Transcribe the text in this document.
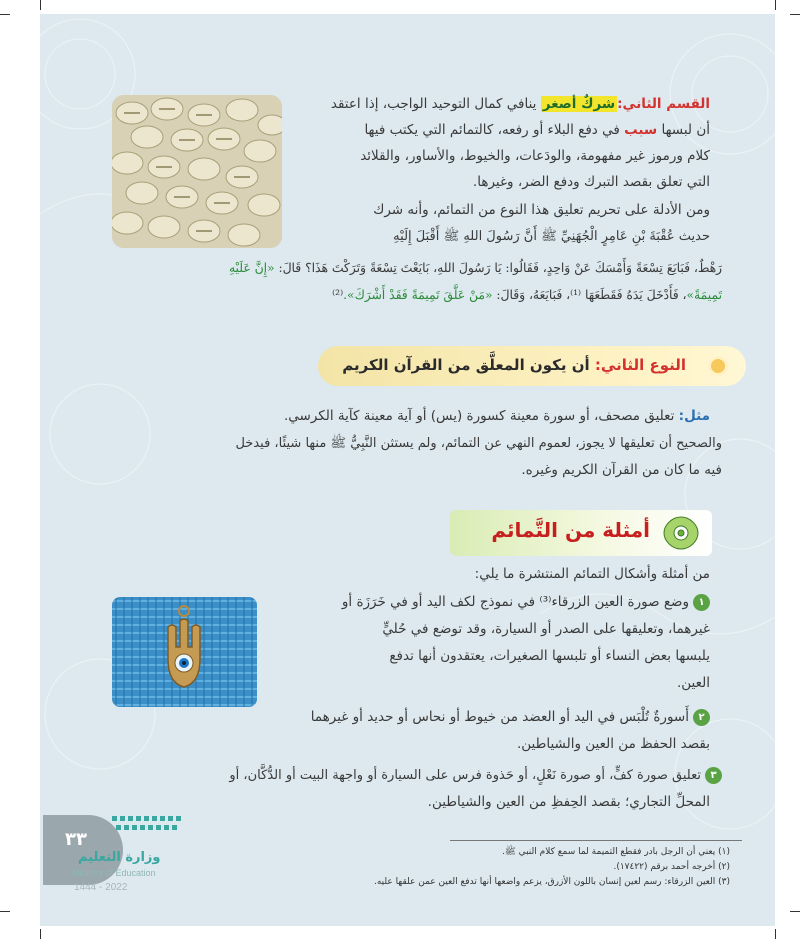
القسم الثاني:شركٌ أصغر ينافي كمال التوحيد الواجب، إذا اعتقد
أن لبسها سبب في دفع البلاء أو رفعه، كالتمائم التي يكتب فيها
كلام ورموز غير مفهومة، والودَعات، والخيوط، والأساور، والقلائد
التي تعلق بقصد التبرك ودفع الضر، وغيرها.
ومن الأدلة على تحريم تعليق هذا النوع من التمائم، وأنه شرك
حديث عُقْبَةَ بْنِ عَامِرٍ الْجُهَنِيِّ ﷺ أَنَّ رَسُولَ اللهِ ﷺ أَقْبَلَ إِلَيْهِ
رَهْطٌ، فَبَايَعَ تِسْعَةً وَأَمْسَكَ عَنْ وَاحِدٍ، فَقَالُوا: يَا رَسُولَ اللهِ، بَايَعْتَ تِسْعَةً وَتَرَكْتَ هَذَا؟ قَالَ: «إِنَّ عَلَيْهِ
تَمِيمَةً»، فَأَدْخَلَ يَدَهُ فَقَطَعَهَا ⁽¹⁾، فَبَايَعَهُ، وَقَالَ: «مَنْ عَلَّقَ تَمِيمَةً فَقَدْ أَشْرَكَ».⁽²⁾
النوع الثاني: أن يكون المعلَّق من القرآن الكريم
مثل: تعليق مصحف، أو سورة معينة كسورة (يس) أو آية معينة كآية الكرسي.
والصحيح أن تعليقها لا يجوز، لعموم النهي عن التمائم، ولم يستثن النَّبِيُّ ﷺ منها شيئًا، فيدخل
فيه ما كان من القرآن الكريم وغيره.
أمثلة من التَّمائم
من أمثلة وأشكال التمائم المنتشرة ما يلي:
١وضع صورة العين الزرقاء⁽³⁾ في نموذج لكف اليد أو في خَرَزَة أو
غيرهما، وتعليقها على الصدر أو السيارة، وقد توضع في حُليٍّ
يلبسها بعض النساء أو تلبسها الصغيرات، يعتقدون أنها تدفع
العين.
٢أَسورةٌ تُلْبَس في اليد أو العضد من خيوط أو نحاس أو حديد أو غيرهما
بقصد الحفظ من العين والشياطين.
٣تعليق صورة كفٍّ، أو صورة نَعْلٍ، أو حَذوة فرس على السيارة أو واجهة البيت أو الدُّكَّان، أو
المحلِّ التجاري؛ بقصد الحِفظِ من العين والشياطين.
(١) يعني أن الرجل بادر فقطع التميمة لما سمع كلام النبي ﷺ.
(٢) أخرجه أحمد برقم (١٧٤٢٢).
(٣) العين الزرقاء: رسم لعين إنسان باللون الأزرق، يزعم واضعها أنها تدفع العين عمن علقها عليه.
٣٣
وزارة التعليم
Ministry of Education
2022 - 1444
